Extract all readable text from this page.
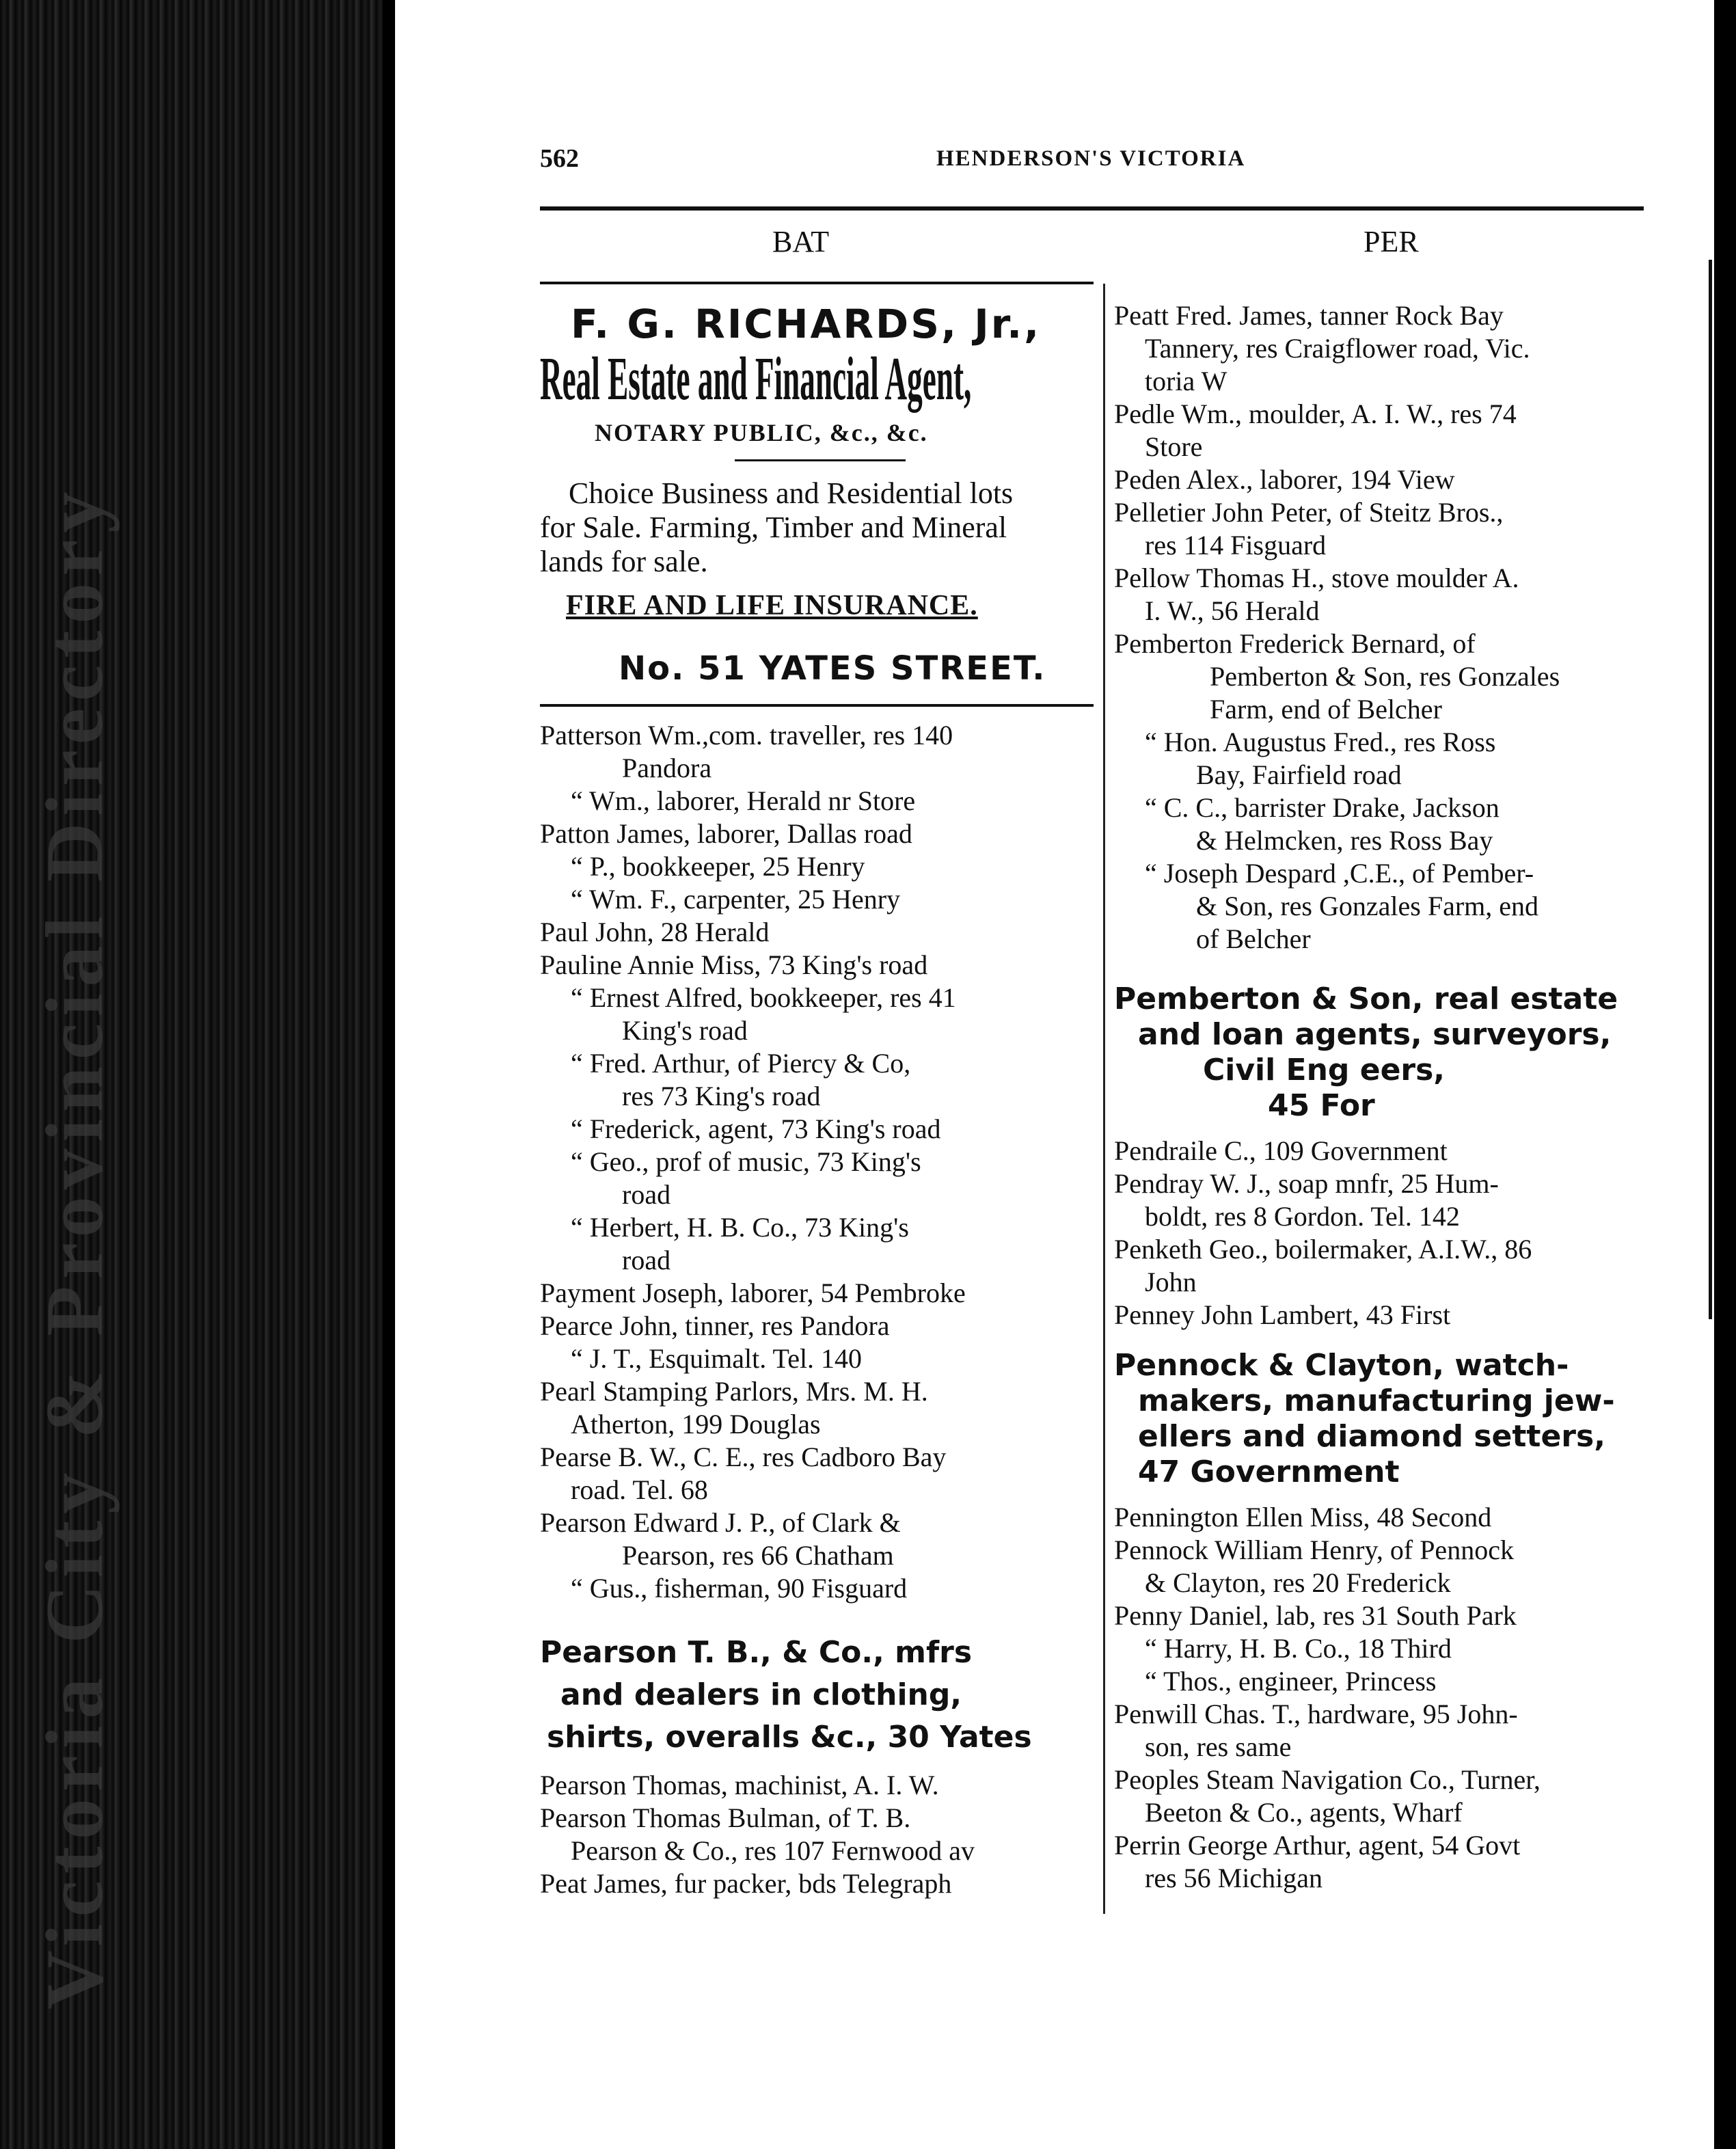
Victoria City & Provincial Directory
562	HENDERSON'S VICTORIA
BAT	PER
F. G. RICHARDS, Jr.,
Real Estate and Financial Agent,
NOTARY PUBLIC, &c., &c.
Choice Business and Residential lots
for Sale. Farming, Timber and Mineral
lands for sale.
FIRE AND LIFE INSURANCE.
No. 51 YATES STREET.
Patterson Wm.,com. traveller, res 140
Pandora
“ Wm., laborer, Herald nr Store
Patton James, laborer, Dallas road
“ P., bookkeeper, 25 Henry
“ Wm. F., carpenter, 25 Henry
Paul John, 28 Herald
Pauline Annie Miss, 73 King's road
“ Ernest Alfred, bookkeeper, res 41
King's road
“ Fred. Arthur, of Piercy & Co,
res 73 King's road
“ Frederick, agent, 73 King's road
“ Geo., prof of music, 73 King's
road
“ Herbert, H. B. Co., 73 King's
road
Payment Joseph, laborer, 54 Pembroke
Pearce John, tinner, res Pandora
“ J. T., Esquimalt. Tel. 140
Pearl Stamping Parlors, Mrs. M. H.
Atherton, 199 Douglas
Pearse B. W., C. E., res Cadboro Bay
road. Tel. 68
Pearson Edward J. P., of Clark &
Pearson, res 66 Chatham
“ Gus., fisherman, 90 Fisguard
Pearson T. B., & Co., mfrs
and dealers in clothing,
shirts, overalls &c., 30 Yates
Pearson Thomas, machinist, A. I. W.
Pearson Thomas Bulman, of T. B.
Pearson & Co., res 107 Fernwood av
Peat James, fur packer, bds Telegraph
Peatt Fred. James, tanner Rock Bay
Tannery, res Craigflower road, Vic.
toria W
Pedle Wm., moulder, A. I. W., res 74
Store
Peden Alex., laborer, 194 View
Pelletier John Peter, of Steitz Bros.,
res 114 Fisguard
Pellow Thomas H., stove moulder A.
I. W., 56 Herald
Pemberton Frederick Bernard, of
Pemberton & Son, res Gonzales
Farm, end of Belcher
“ Hon. Augustus Fred., res Ross
Bay, Fairfield road
“ C. C., barrister Drake, Jackson
& Helmcken, res Ross Bay
“ Joseph Despard ,C.E., of Pember-
& Son, res Gonzales Farm, end
of Belcher
Pemberton & Son, real estate
and loan agents, surveyors,
Civil Eng eers,
45 For
Pendraile C., 109 Government
Pendray W. J., soap mnfr, 25 Hum-
boldt, res 8 Gordon. Tel. 142
Penketh Geo., boilermaker, A.I.W., 86
John
Penney John Lambert, 43 First
Pennock & Clayton, watch-
makers, manufacturing jew-
ellers and diamond setters,
47 Government
Pennington Ellen Miss, 48 Second
Pennock William Henry, of Pennock
& Clayton, res 20 Frederick
Penny Daniel, lab, res 31 South Park
“ Harry, H. B. Co., 18 Third
“ Thos., engineer, Princess
Penwill Chas. T., hardware, 95 John-
son, res same
Peoples Steam Navigation Co., Turner,
Beeton & Co., agents, Wharf
Perrin George Arthur, agent, 54 Govt
res 56 Michigan
